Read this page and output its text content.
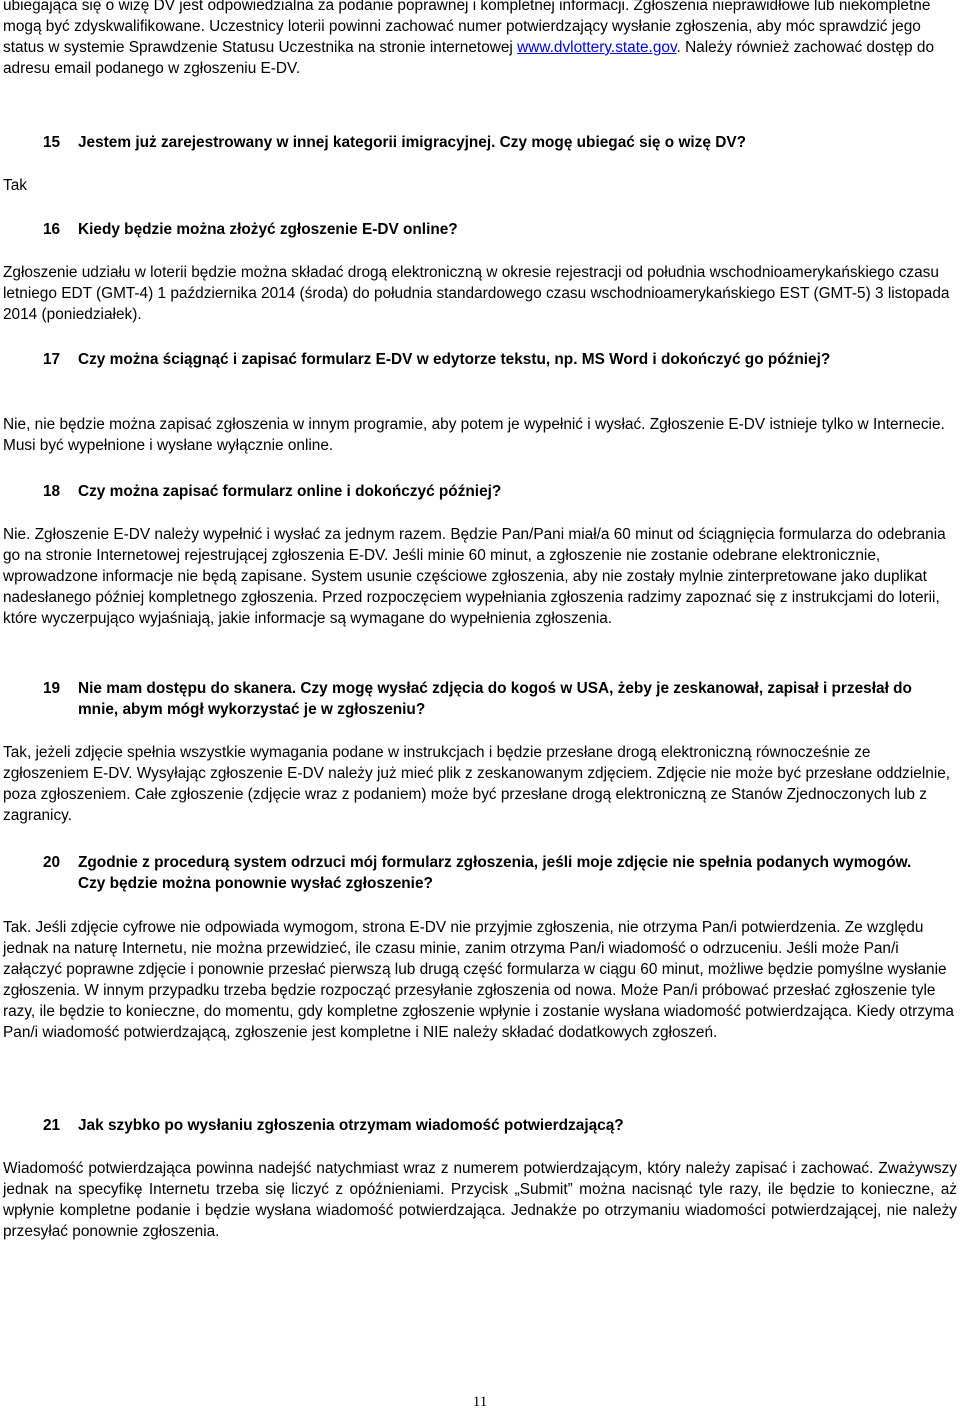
ubiegająca się o wizę DV jest odpowiedzialna za podanie poprawnej i kompletnej informacji. Zgłoszenia nieprawidłowe lub niekompletne mogą być zdyskwalifikowane. Uczestnicy loterii powinni zachować numer potwierdzający wysłanie zgłoszenia, aby móc sprawdzić jego status w systemie Sprawdzenie Statusu Uczestnika na stronie internetowej www.dvlottery.state.gov. Należy również zachować dostęp do adresu email podanego w zgłoszeniu E-DV.

15	Jestem już zarejestrowany w innej kategorii imigracyjnej. Czy mogę ubiegać się o wizę DV?

Tak

16	Kiedy będzie można złożyć zgłoszenie E-DV online?

Zgłoszenie udziału w loterii będzie można składać drogą elektroniczną w okresie rejestracji od południa wschodnioamerykańskiego czasu letniego EDT (GMT-4) 1 października 2014 (środa) do południa standardowego czasu wschodnioamerykańskiego EST (GMT-5) 3 listopada 2014 (poniedziałek).

17	Czy można ściągnąć i zapisać formularz E-DV w edytorze tekstu, np. MS Word i dokończyć go później?

Nie, nie będzie można zapisać zgłoszenia w innym programie, aby potem je wypełnić i wysłać. Zgłoszenie E-DV istnieje tylko w Internecie. Musi być wypełnione i wysłane wyłącznie online.

18	Czy można zapisać formularz online i dokończyć później?

Nie. Zgłoszenie E-DV należy wypełnić i wysłać za jednym razem. Będzie Pan/Pani miał/a 60 minut od ściągnięcia formularza do odebrania go na stronie Internetowej rejestrującej zgłoszenia E-DV. Jeśli minie 60 minut, a zgłoszenie nie zostanie odebrane elektronicznie, wprowadzone informacje nie będą zapisane. System usunie częściowe zgłoszenia, aby nie zostały mylnie zinterpretowane jako duplikat nadesłanego później kompletnego zgłoszenia. Przed rozpoczęciem wypełniania zgłoszenia radzimy zapoznać się z instrukcjami do loterii, które wyczerpująco wyjaśniają, jakie informacje są wymagane do wypełnienia zgłoszenia.

19	Nie mam dostępu do skanera. Czy mogę wysłać zdjęcia do kogoś w USA, żeby je zeskanował, zapisał i przesłał do mnie, abym mógł wykorzystać je w zgłoszeniu?

Tak, jeżeli zdjęcie spełnia wszystkie wymagania podane w instrukcjach i będzie przesłane drogą elektroniczną równocześnie ze zgłoszeniem E-DV. Wysyłając zgłoszenie E-DV należy już mieć plik z zeskanowanym zdjęciem. Zdjęcie nie może być przesłane oddzielnie, poza zgłoszeniem. Całe zgłoszenie (zdjęcie wraz z podaniem) może być przesłane drogą elektroniczną ze Stanów Zjednoczonych lub z zagranicy.

20	Zgodnie z procedurą system odrzuci mój formularz zgłoszenia, jeśli moje zdjęcie nie spełnia podanych wymogów. Czy będzie można ponownie wysłać zgłoszenie?

Tak. Jeśli zdjęcie cyfrowe nie odpowiada wymogom, strona E-DV nie przyjmie zgłoszenia, nie otrzyma Pan/i potwierdzenia. Ze względu jednak na naturę Internetu, nie można przewidzieć, ile czasu minie, zanim otrzyma Pan/i wiadomość o odrzuceniu. Jeśli może Pan/i załączyć poprawne zdjęcie i ponownie przesłać pierwszą lub drugą część formularza w ciągu 60 minut, możliwe będzie pomyślne wysłanie zgłoszenia. W innym przypadku trzeba będzie rozpocząć przesyłanie zgłoszenia od nowa. Może Pan/i próbować przesłać zgłoszenie tyle razy, ile będzie to konieczne, do momentu, gdy kompletne zgłoszenie wpłynie i zostanie wysłana wiadomość potwierdzająca. Kiedy otrzyma Pan/i wiadomość potwierdzającą, zgłoszenie jest kompletne i NIE należy składać dodatkowych zgłoszeń.

21	Jak szybko po wysłaniu zgłoszenia otrzymam wiadomość potwierdzającą?

Wiadomość potwierdzająca powinna nadejść natychmiast wraz z numerem potwierdzającym, który należy zapisać i zachować. Zważywszy jednak na specyfikę Internetu trzeba się liczyć z opóźnieniami. Przycisk „Submit” można nacisnąć tyle razy, ile będzie to konieczne, aż wpłynie kompletne podanie i będzie wysłana wiadomość potwierdzająca. Jednakże po otrzymaniu wiadomości potwierdzającej, nie należy przesyłać ponownie zgłoszenia.

11
